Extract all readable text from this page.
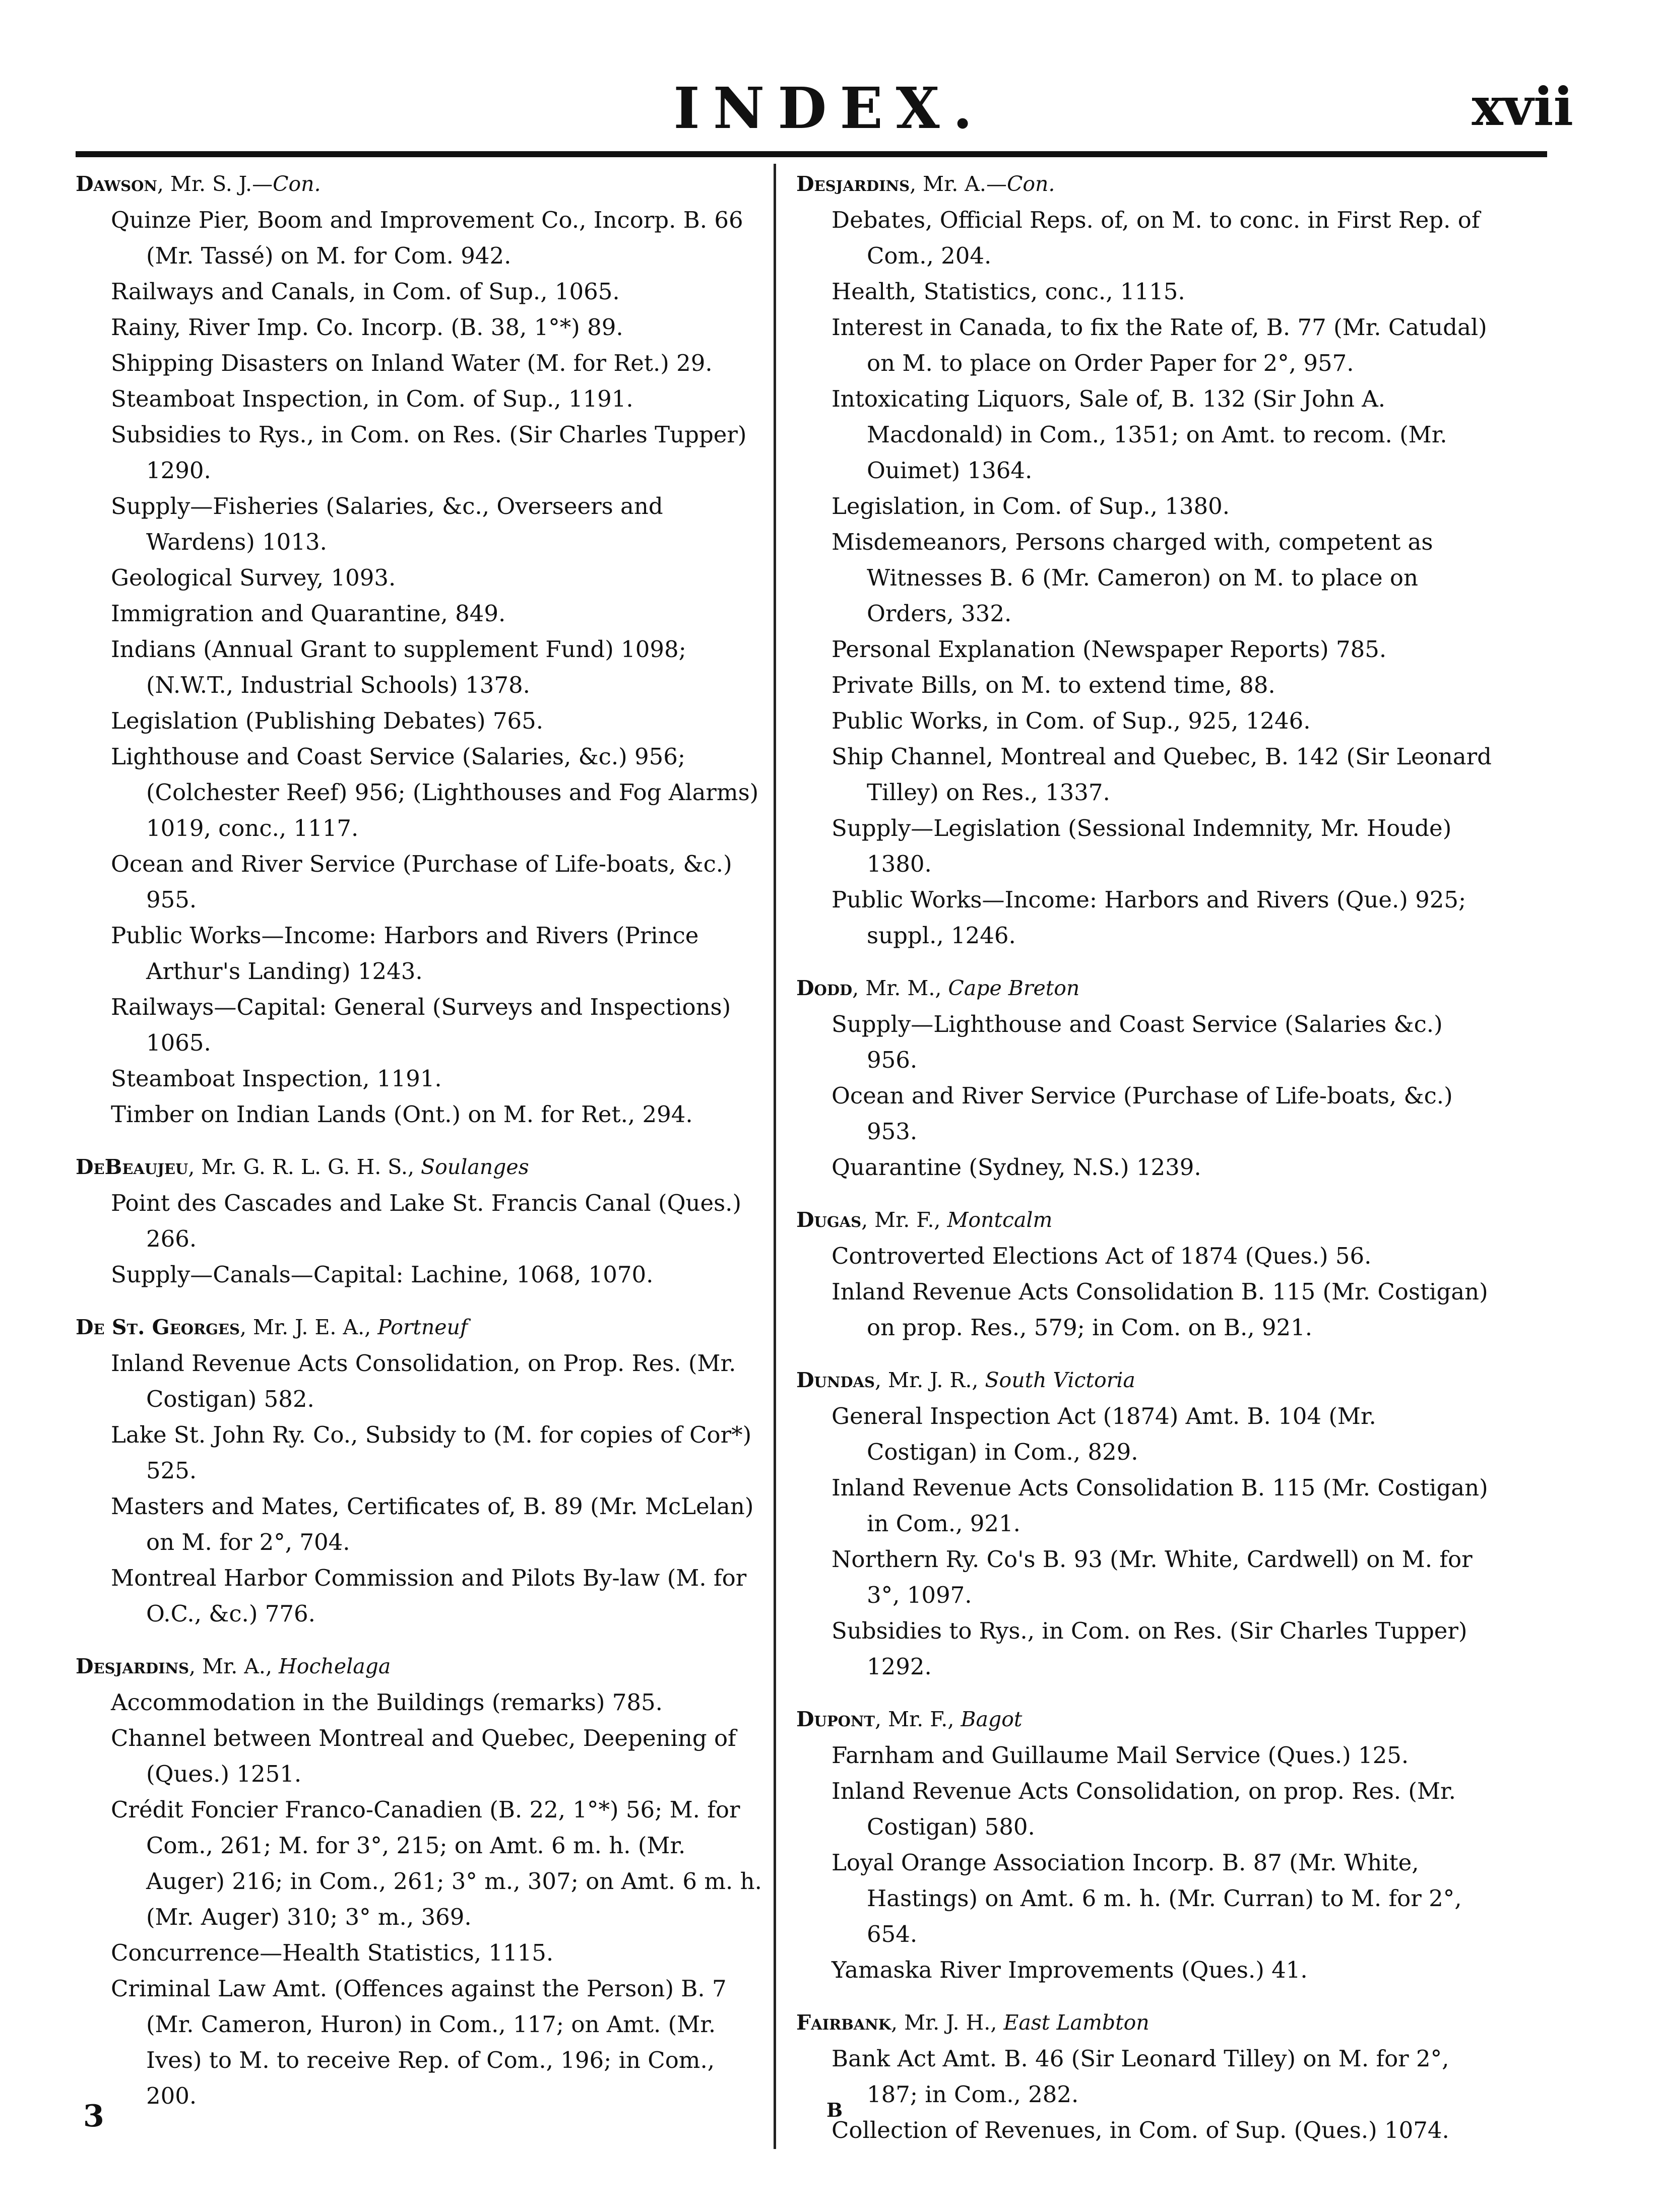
INDEX.	xvii
Dawson, Mr. S. J.—Con.
Quinze Pier, Boom and Improvement Co., Incorp. B. 66 (Mr. Tassé) on M. for Com. 942.
Railways and Canals, in Com. of Sup., 1065.
Rainy, River Imp. Co. Incorp. (B. 38, 1°*) 89.
Shipping Disasters on Inland Water (M. for Ret.) 29.
Steamboat Inspection, in Com. of Sup., 1191.
Subsidies to Rys., in Com. on Res. (Sir Charles Tupper) 1290.
Supply—Fisheries (Salaries, &c., Overseers and Wardens) 1013.
Geological Survey, 1093.
Immigration and Quarantine, 849.
Indians (Annual Grant to supplement Fund) 1098; (N.W.T., Industrial Schools) 1378.
Legislation (Publishing Debates) 765.
Lighthouse and Coast Service (Salaries, &c.) 956; (Colchester Reef) 956; (Lighthouses and Fog Alarms) 1019, conc., 1117.
Ocean and River Service (Purchase of Life-boats, &c.) 955.
Public Works—Income: Harbors and Rivers (Prince Arthur's Landing) 1243.
Railways—Capital: General (Surveys and Inspections) 1065.
Steamboat Inspection, 1191.
Timber on Indian Lands (Ont.) on M. for Ret., 294.
DeBeaujeu, Mr. G. R. L. G. H. S., Soulanges
Point des Cascades and Lake St. Francis Canal (Ques.) 266.
Supply—Canals—Capital: Lachine, 1068, 1070.
De St. Georges, Mr. J. E. A., Portneuf
Inland Revenue Acts Consolidation, on Prop. Res. (Mr. Costigan) 582.
Lake St. John Ry. Co., Subsidy to (M. for copies of Cor*) 525.
Masters and Mates, Certificates of, B. 89 (Mr. McLelan) on M. for 2°, 704.
Montreal Harbor Commission and Pilots By-law (M. for O.C., &c.) 776.
Desjardins, Mr. A., Hochelaga
Accommodation in the Buildings (remarks) 785.
Channel between Montreal and Quebec, Deepening of (Ques.) 1251.
Crédit Foncier Franco-Canadien (B. 22, 1°*) 56; M. for Com., 261; M. for 3°, 215; on Amt. 6 m. h. (Mr. Auger) 216; in Com., 261; 3° m., 307; on Amt. 6 m. h. (Mr. Auger) 310; 3° m., 369.
Concurrence—Health Statistics, 1115.
Criminal Law Amt. (Offences against the Person) B. 7 (Mr. Cameron, Huron) in Com., 117; on Amt. (Mr. Ives) to M. to receive Rep. of Com., 196; in Com., 200.
Desjardins, Mr. A.—Con.
Debates, Official Reps. of, on M. to conc. in First Rep. of Com., 204.
Health, Statistics, conc., 1115.
Interest in Canada, to fix the Rate of, B. 77 (Mr. Catudal) on M. to place on Order Paper for 2°, 957.
Intoxicating Liquors, Sale of, B. 132 (Sir John A. Macdonald) in Com., 1351; on Amt. to recom. (Mr. Ouimet) 1364.
Legislation, in Com. of Sup., 1380.
Misdemeanors, Persons charged with, competent as Witnesses B. 6 (Mr. Cameron) on M. to place on Orders, 332.
Personal Explanation (Newspaper Reports) 785.
Private Bills, on M. to extend time, 88.
Public Works, in Com. of Sup., 925, 1246.
Ship Channel, Montreal and Quebec, B. 142 (Sir Leonard Tilley) on Res., 1337.
Supply—Legislation (Sessional Indemnity, Mr. Houde) 1380.
Public Works—Income: Harbors and Rivers (Que.) 925; suppl., 1246.
Dodd, Mr. M., Cape Breton
Supply—Lighthouse and Coast Service (Salaries &c.) 956.
Ocean and River Service (Purchase of Life-boats, &c.) 953.
Quarantine (Sydney, N.S.) 1239.
Dugas, Mr. F., Montcalm
Controverted Elections Act of 1874 (Ques.) 56.
Inland Revenue Acts Consolidation B. 115 (Mr. Costigan) on prop. Res., 579; in Com. on B., 921.
Dundas, Mr. J. R., South Victoria
General Inspection Act (1874) Amt. B. 104 (Mr. Costigan) in Com., 829.
Inland Revenue Acts Consolidation B. 115 (Mr. Costigan) in Com., 921.
Northern Ry. Co's B. 93 (Mr. White, Cardwell) on M. for 3°, 1097.
Subsidies to Rys., in Com. on Res. (Sir Charles Tupper) 1292.
Dupont, Mr. F., Bagot
Farnham and Guillaume Mail Service (Ques.) 125.
Inland Revenue Acts Consolidation, on prop. Res. (Mr. Costigan) 580.
Loyal Orange Association Incorp. B. 87 (Mr. White, Hastings) on Amt. 6 m. h. (Mr. Curran) to M. for 2°, 654.
Yamaska River Improvements (Ques.) 41.
Fairbank, Mr. J. H., East Lambton
Bank Act Amt. B. 46 (Sir Leonard Tilley) on M. for 2°, 187; in Com., 282.
Collection of Revenues, in Com. of Sup. (Ques.) 1074.
3	B
